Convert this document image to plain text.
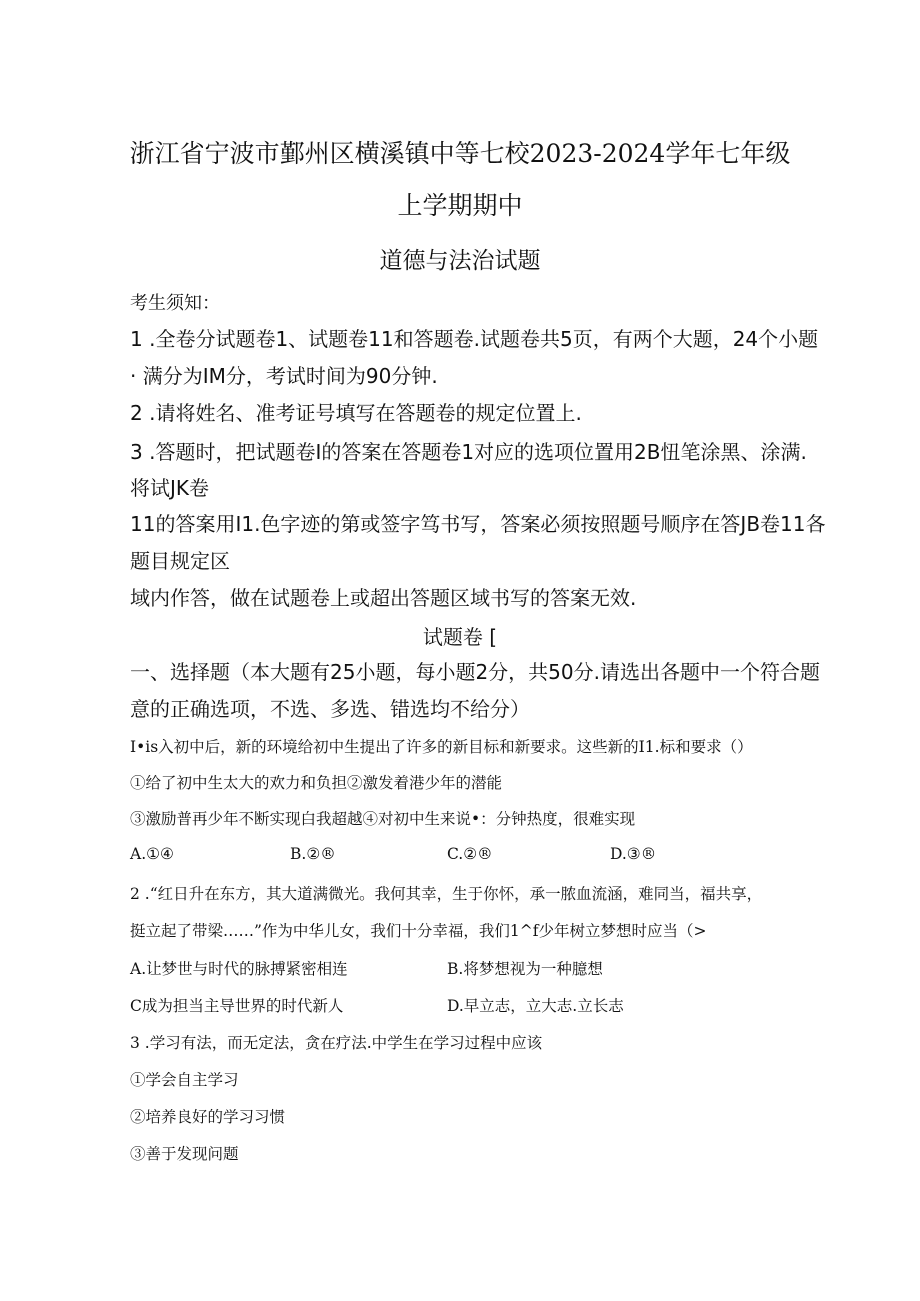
浙江省宁波市鄞州区横溪镇中等七校2023-2024学年七年级
上学期期中
道德与法治试题
考生须知：
1 .全卷分试题卷1、试题卷11和答题卷.试题卷共5页，有两个大题，24个小题
· 满分为IM分，考试时间为90分钟.
2 .请将姓名、准考证号填写在答题卷的规定位置上.
3 .答题时，把试题卷I的答案在答题卷1对应的选项位置用2B忸笔涂黑、涂满.
将试JK卷
11的答案用I1.色字迹的第或签字笃书写，答案必须按照题号顺序在答JB卷11各
题目规定区
域内作答，做在试题卷上或超出答题区域书写的答案无效.
试题卷 [
一、选择题（本大题有25小题，每小题2分，共50分.请选出各题中一个符合题
意的正确选项，不选、多选、错选均不给分）
I•is入初中后，新的环境给初中生提出了许多的新目标和新要求。这些新的I1.标和要求（）
①给了初中生太大的欢力和负担②激发着港少年的潜能
③激励普再少年不断实现白我超越④对初中生来说•：分钟热度，很难实现
A.①④	B.②®	C.②®	D.③®
2 .“红日升在东方，其大道满微光。我何其幸，生于你怀，承一脓血流涵，难同当，福共享，
挺立起了带梁……”作为中华儿女，我们十分幸福，我们1^f少年树立梦想时应当（>
A.让梦世与时代的脉搏紧密相连	B.将梦想视为一种臆想
C成为担当主导世界的时代新人	D.早立志，立大志.立长志
3 .学习有法，而无定法，贪在疗法.中学生在学习过程中应该
①学会自主学习
②培养良好的学习习惯
③善于发现问题
